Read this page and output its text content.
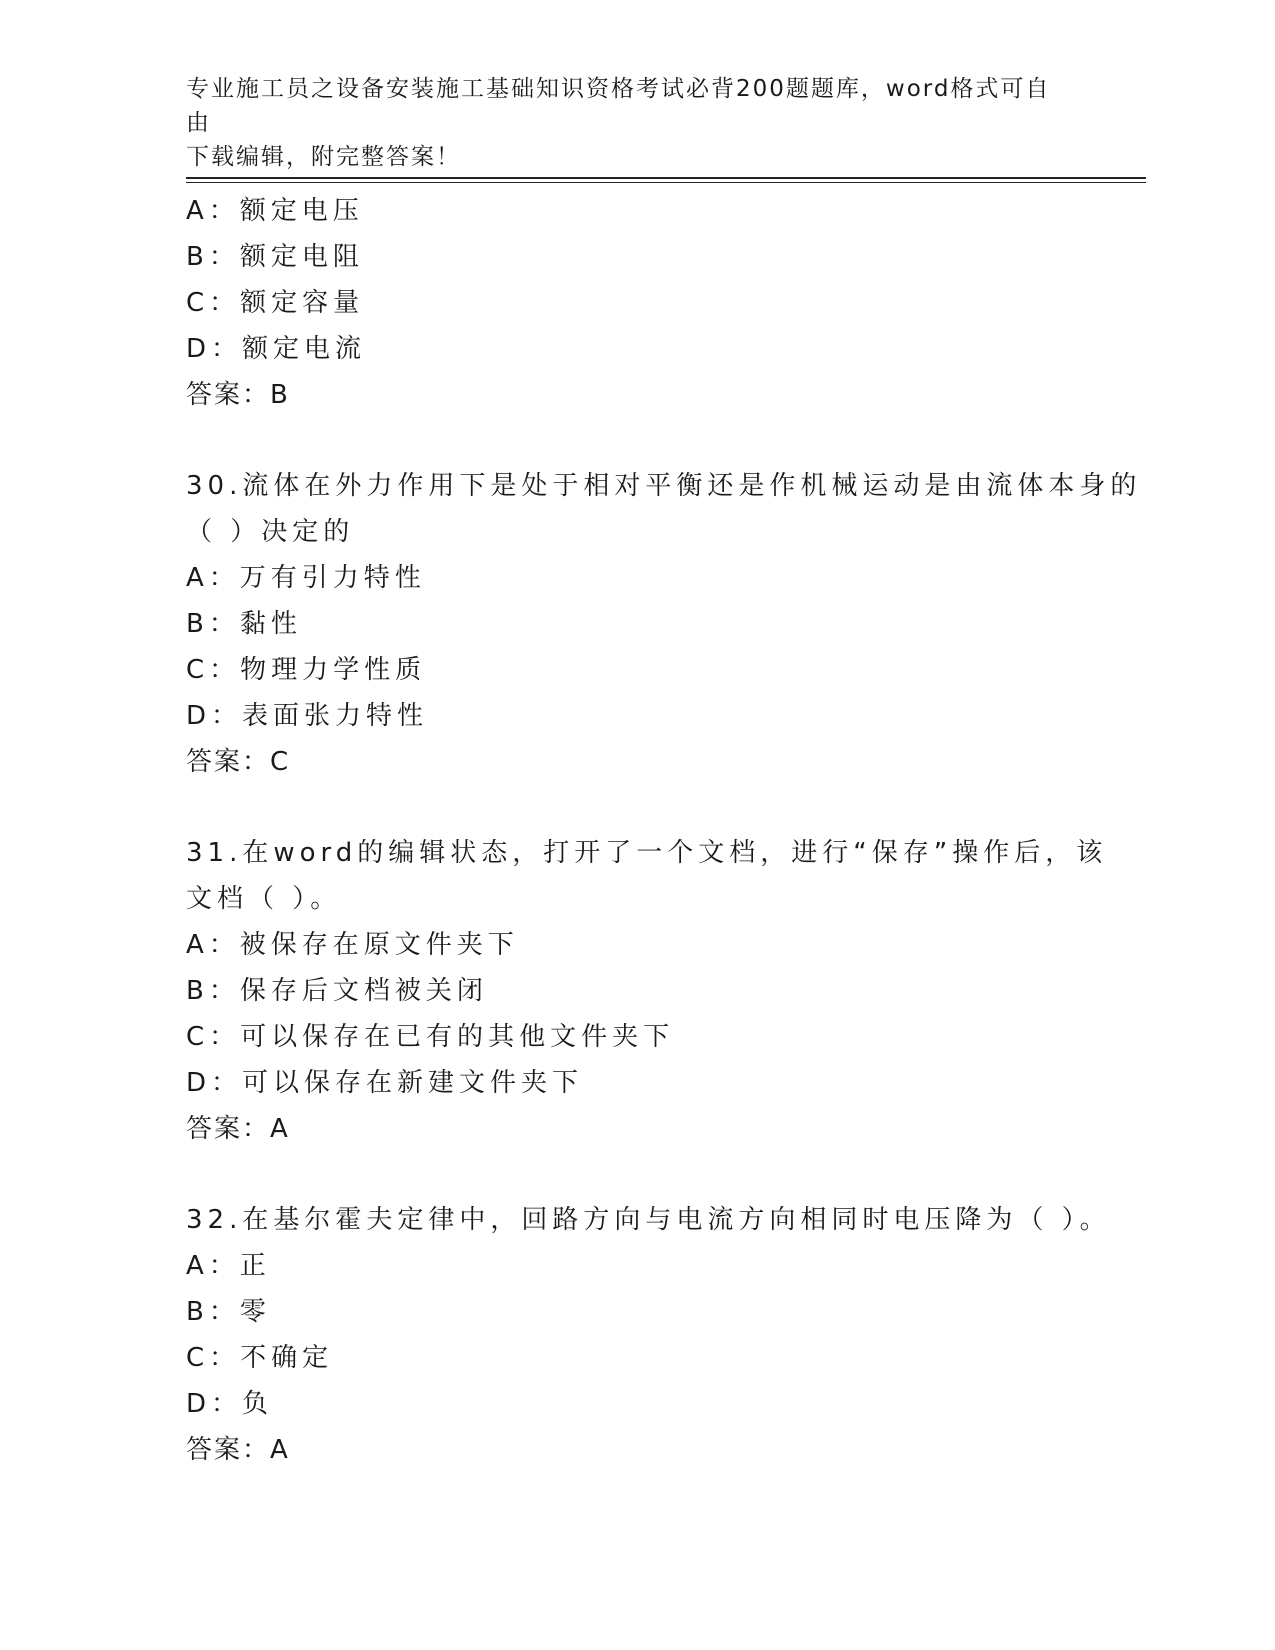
专业施工员之设备安装施工基础知识资格考试必背200题题库，word格式可自由
下载编辑，附完整答案！
A：额定电压
B：额定电阻
C：额定容量
D：额定电流
答案：B
30.流体在外力作用下是处于相对平衡还是作机械运动是由流体本身的
（ ）决定的
A：万有引力特性
B：黏性
C：物理力学性质
D：表面张力特性
答案：C
31.在word的编辑状态，打开了一个文档，进行“保存”操作后，该
文档（ ）。
A：被保存在原文件夹下
B：保存后文档被关闭
C：可以保存在已有的其他文件夹下
D：可以保存在新建文件夹下
答案：A
32.在基尔霍夫定律中，回路方向与电流方向相同时电压降为（ ）。
A：正
B：零
C：不确定
D：负
答案：A
